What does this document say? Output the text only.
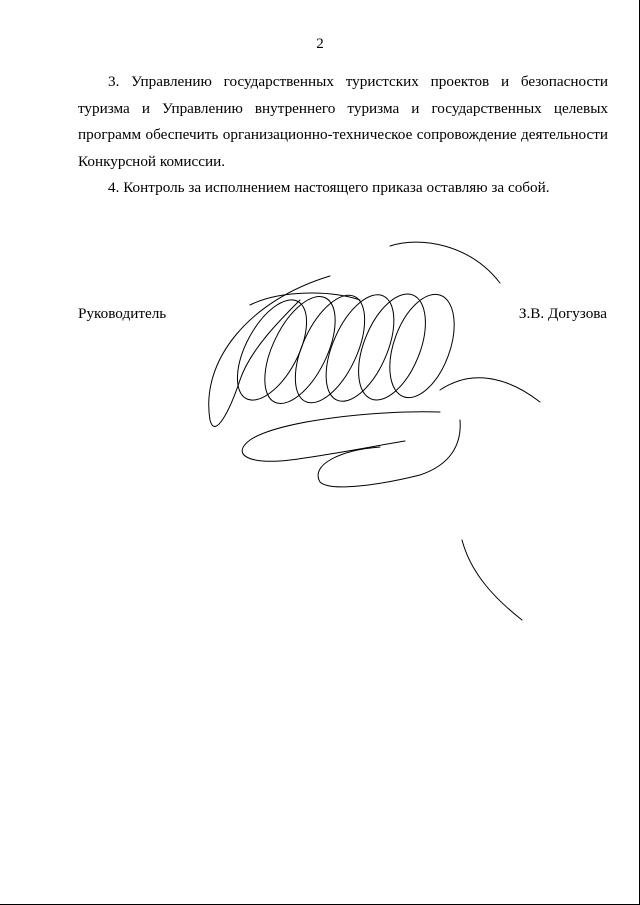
2

3. Управлению государственных туристских проектов и безопасности туризма и Управлению внутреннего туризма и государственных целевых программ обеспечить организационно-техническое сопровождение деятельности Конкурсной комиссии.

4. Контроль за исполнением настоящего приказа оставляю за собой.

Руководитель	З.В. Догузова
